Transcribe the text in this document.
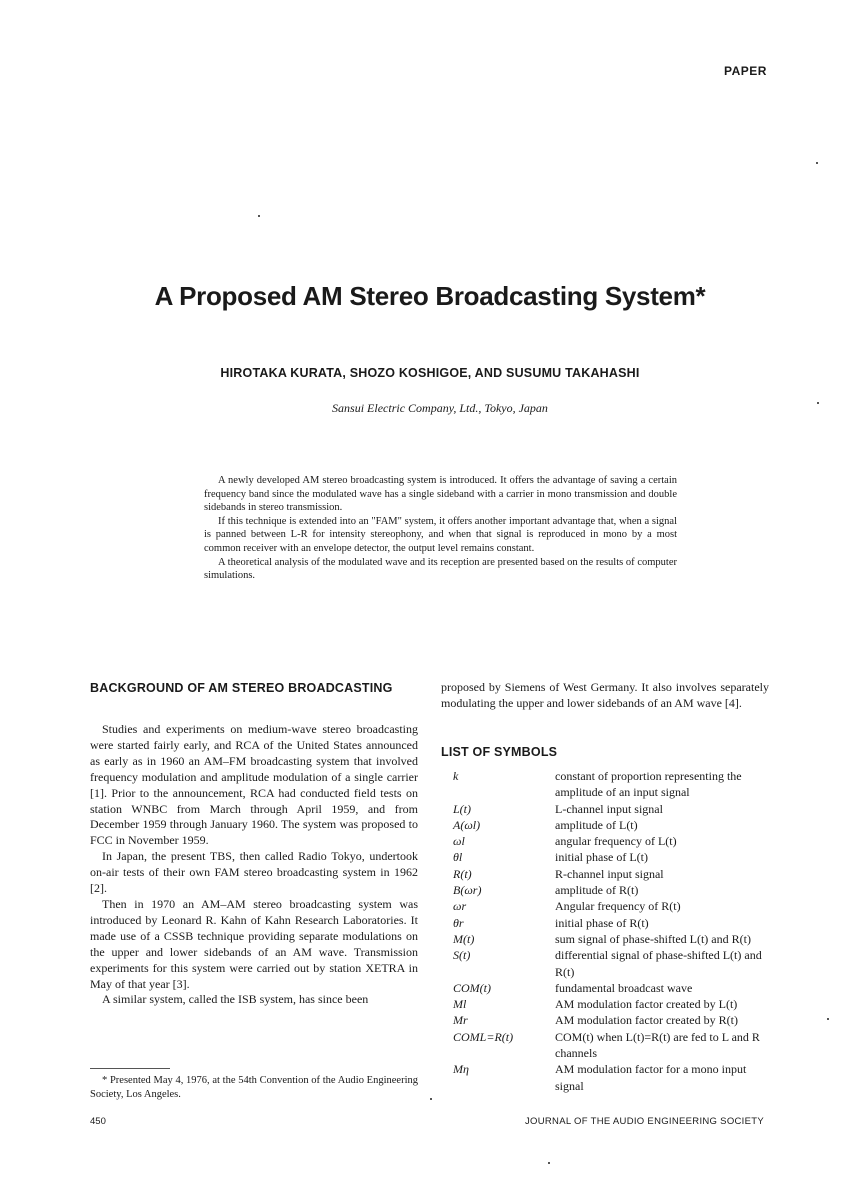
PAPER
A Proposed AM Stereo Broadcasting System*
HIROTAKA KURATA, SHOZO KOSHIGOE, AND SUSUMU TAKAHASHI
Sansui Electric Company, Ltd., Tokyo, Japan

A newly developed AM stereo broadcasting system is introduced. It offers the advantage of saving a certain frequency band since the modulated wave has a single sideband with a carrier in mono transmission and double sidebands in stereo transmission.

If this technique is extended into an "FAM" system, it offers another important advantage that, when a signal is panned between L-R for intensity stereophony, and when that signal is reproduced in mono by a most common receiver with an envelope detector, the output level remains constant.

A theoretical analysis of the modulated wave and its reception are presented based on the results of computer simulations.

BACKGROUND OF AM STEREO BROADCASTING

Studies and experiments on medium-wave stereo broadcasting were started fairly early, and RCA of the United States announced as early as in 1960 an AM–FM broadcasting system that involved frequency modulation and amplitude modulation of a single carrier [1]. Prior to the announcement, RCA had conducted field tests on station WNBC from March through April 1959, and from December 1959 through January 1960. The system was proposed to FCC in November 1959.

In Japan, the present TBS, then called Radio Tokyo, undertook on-air tests of their own FAM stereo broadcasting system in 1962 [2].

Then in 1970 an AM–AM stereo broadcasting system was introduced by Leonard R. Kahn of Kahn Research Laboratories. It made use of a CSSB technique providing separate modulations on the upper and lower sidebands of an AM wave. Transmission experiments for this system were carried out by station XETRA in May of that year [3].

A similar system, called the ISB system, has since been

* Presented May 4, 1976, at the 54th Convention of the Audio Engineering Society, Los Angeles.

proposed by Siemens of West Germany. It also involves separately modulating the upper and lower sidebands of an AM wave [4].

LIST OF SYMBOLS
k	constant of proportion representing the amplitude of an input signal
L(t)	L-channel input signal
A(ωl)	amplitude of L(t)
ωl	angular frequency of L(t)
θl	initial phase of L(t)
R(t)	R-channel input signal
B(ωr)	amplitude of R(t)
ωr	Angular frequency of R(t)
θr	initial phase of R(t)
M(t)	sum signal of phase-shifted L(t) and R(t)
S(t)	differential signal of phase-shifted L(t) and R(t)
COM(t)	fundamental broadcast wave
Ml	AM modulation factor created by L(t)
Mr	AM modulation factor created by R(t)
COML=R(t)	COM(t) when L(t)=R(t) are fed to L and R channels
Mη	AM modulation factor for a mono input signal
450	JOURNAL OF THE AUDIO ENGINEERING SOCIETY
